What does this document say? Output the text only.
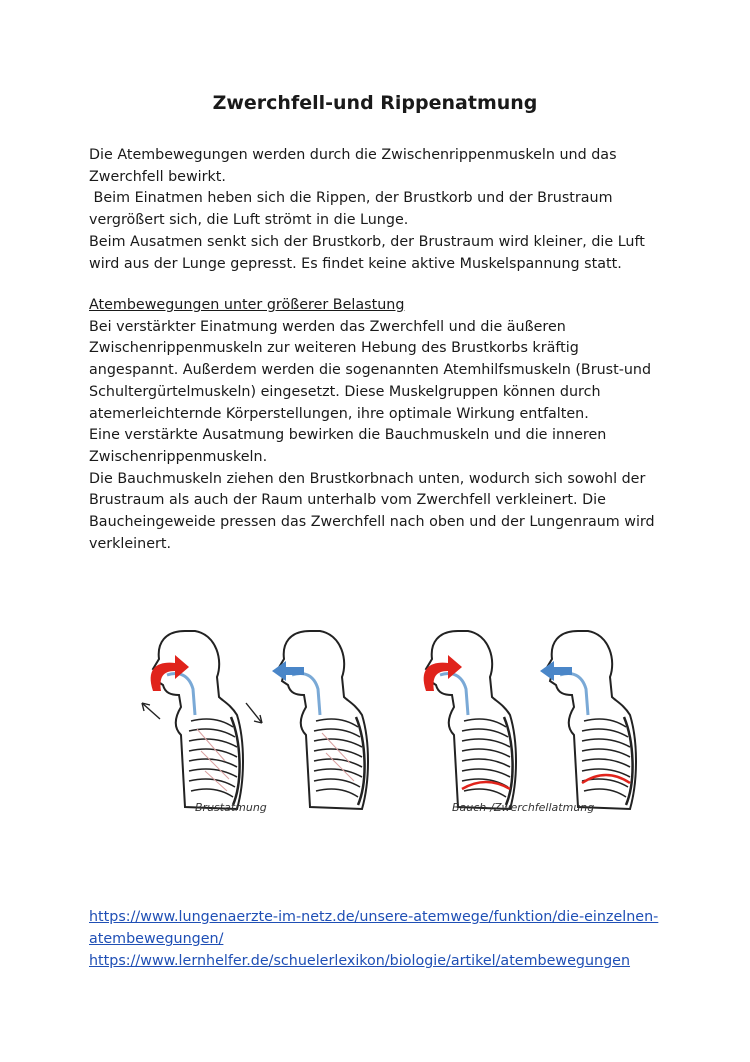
Zwerchfell-und Rippenatmung

Die Atembewegungen werden durch die Zwischenrippenmuskeln und das Zwerchfell bewirkt.

Beim Einatmen heben sich die Rippen, der Brustkorb und der Brustraum vergrößert sich, die Luft strömt in die Lunge.

Beim Ausatmen senkt sich der Brustkorb, der Brustraum wird kleiner, die Luft wird aus der Lunge gepresst. Es findet keine aktive Muskelspannung statt.

Atembewegungen unter größerer Belastung

Bei verstärkter Einatmung werden das Zwerchfell und die äußeren Zwischenrippenmuskeln zur weiteren Hebung des Brustkorbs kräftig angespannt. Außerdem werden die sogenannten Atemhilfsmuskeln (Brust-und Schultergürtelmuskeln) eingesetzt. Diese Muskelgruppen können durch atemerleichternde Körperstellungen, ihre optimale Wirkung entfalten.

Eine verstärkte Ausatmung bewirken die Bauchmuskeln und die inneren Zwischenrippenmuskeln.

Die Bauchmuskeln ziehen den Brustkorbnach unten, wodurch sich sowohl der Brustraum als auch der Raum unterhalb vom Zwerchfell verkleinert. Die Baucheingeweide pressen das Zwerchfell nach oben und der Lungenraum wird verkleinert.

Brustatmung	Bauch-/Zwerchfellatmung
https://www.lungenaerzte-im-netz.de/unsere-atemwege/funktion/die-einzelnen-atembewegungen/
https://www.lernhelfer.de/schuelerlexikon/biologie/artikel/atembewegungen
